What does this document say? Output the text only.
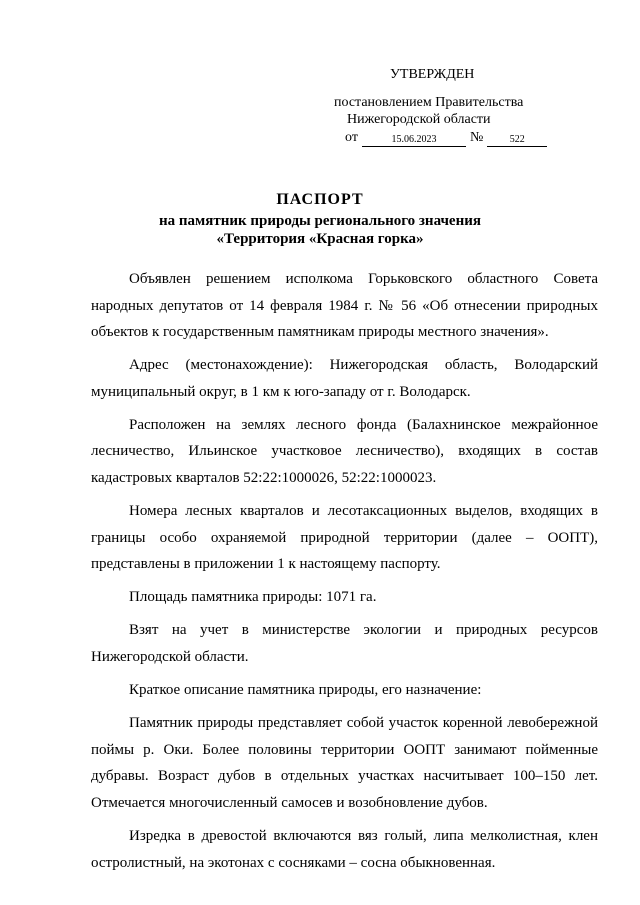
УТВЕРЖДЕН
постановлением Правительства
Нижегородской области
от	15.06.2023	№	522
ПАСПОРТ
на памятник природы регионального значения
«Территория «Красная горка»

Объявлен решением исполкома Горьковского областного Совета народных депутатов от 14 февраля 1984 г. № 56 «Об отнесении природных объектов к государственным памятникам природы местного значения».

Адрес (местонахождение): Нижегородская область, Володарский муниципальный округ, в 1 км к юго-западу от г. Володарск.

Расположен на землях лесного фонда (Балахнинское межрайонное лесничество, Ильинское участковое лесничество), входящих в состав кадастровых кварталов 52:22:1000026, 52:22:1000023.

Номера лесных кварталов и лесотаксационных выделов, входящих в границы особо охраняемой природной территории (далее – ООПТ), представлены в приложении 1 к настоящему паспорту.

Площадь памятника природы: 1071 га.

Взят на учет в министерстве экологии и природных ресурсов Нижегородской области.

Краткое описание памятника природы, его назначение:

Памятник природы представляет собой участок коренной левобережной поймы р. Оки. Более половины территории ООПТ занимают пойменные дубравы. Возраст дубов в отдельных участках насчитывает 100–150 лет. Отмечается многочисленный самосев и возобновление дубов.

Изредка в древостой включаются вяз голый, липа мелколистная, клен остролистный, на экотонах с сосняками – сосна обыкновенная.
